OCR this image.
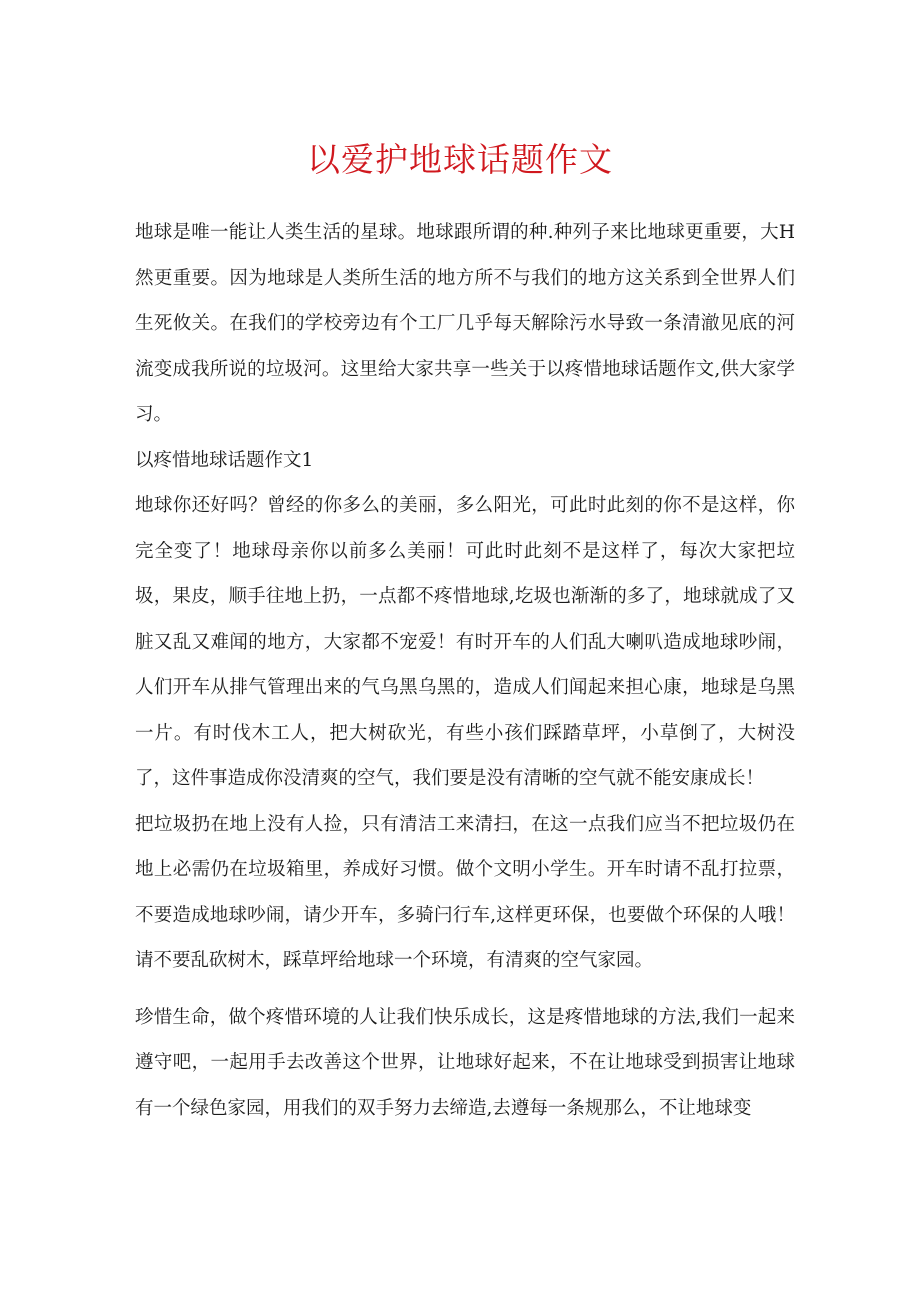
以爱护地球话题作文

地球是唯一能让人类生活的星球。地球跟所谓的种.种列子来比地球更重要，大H然更重要。因为地球是人类所生活的地方所不与我们的地方这关系到全世界人们生死攸关。在我们的学校旁边有个工厂几乎每天解除污水导致一条清澈见底的河流变成我所说的垃圾河。这里给大家共享一些关于以疼惜地球话题作文,供大家学习。

以疼惜地球话题作文1

地球你还好吗？曾经的你多么的美丽，多么阳光，可此时此刻的你不是这样，你完全变了！地球母亲你以前多么美丽！可此时此刻不是这样了，每次大家把垃圾，果皮，顺手往地上扔，一点都不疼惜地球,圪圾也渐渐的多了，地球就成了又脏又乱又难闻的地方，大家都不宠爱！有时开车的人们乱大喇叭造成地球吵闹，人们开车从排气管理出来的气乌黑乌黑的，造成人们闻起来担心康，地球是乌黑一片。有时伐木工人，把大树砍光，有些小孩们踩踏草坪，小草倒了，大树没了，这件事造成你没清爽的空气，我们要是没有清晰的空气就不能安康成长！

把垃圾扔在地上没有人捡，只有清洁工来清扫，在这一点我们应当不把垃圾仍在地上必需仍在垃圾箱里，养成好习惯。做个文明小学生。开车时请不乱打拉票，不要造成地球吵闹，请少开车，多骑闩行车,这样更环保，也要做个环保的人哦！请不要乱砍树木，踩草坪给地球一个环境，有清爽的空气家园。

珍惜生命，做个疼惜环境的人让我们快乐成长，这是疼惜地球的方法,我们一起来遵守吧，一起用手去改善这个世界，让地球好起来，不在让地球受到损害让地球有一个绿色家园，用我们的双手努力去缔造,去遵每一条规那么，不让地球变
